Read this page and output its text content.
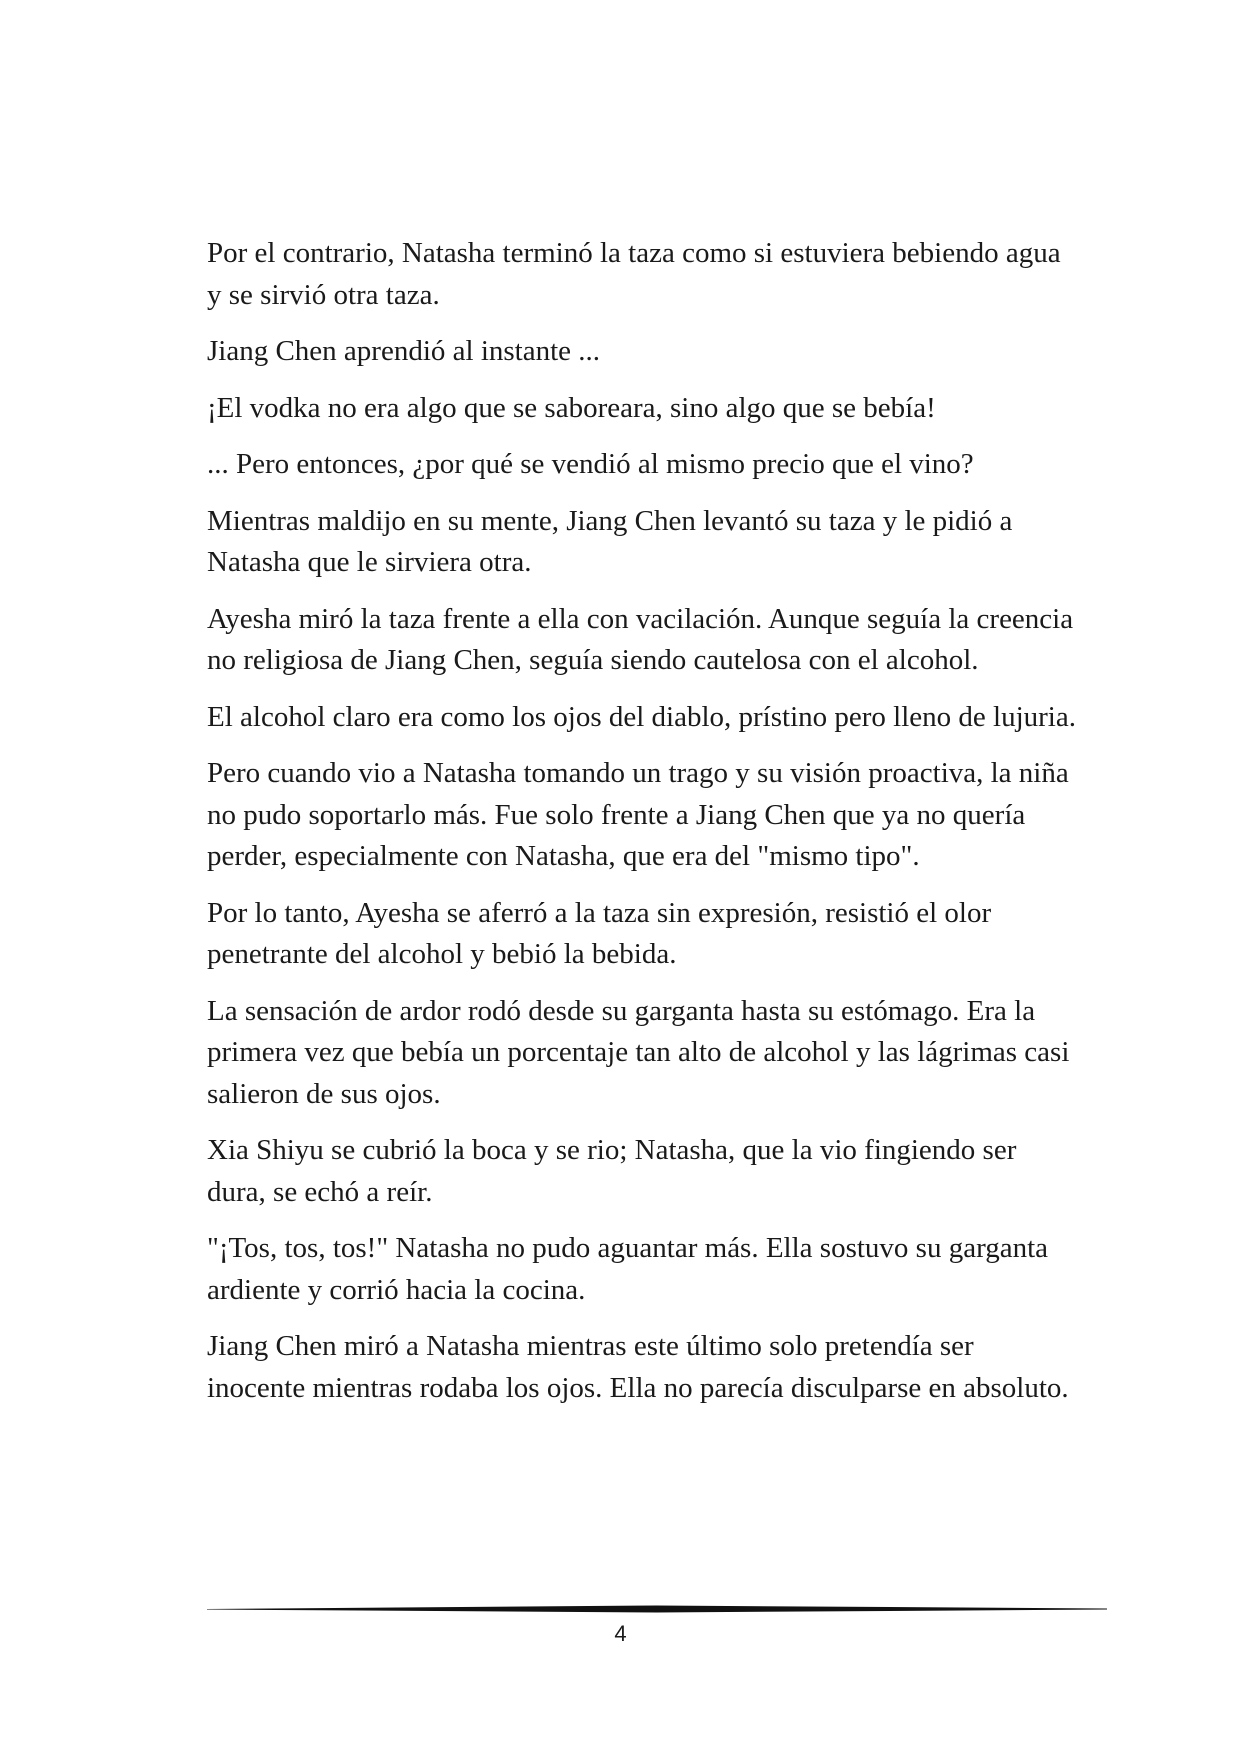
Por el contrario, Natasha terminó la taza como si estuviera bebiendo agua y se sirvió otra taza.

Jiang Chen aprendió al instante ...

¡El vodka no era algo que se saboreara, sino algo que se bebía!

... Pero entonces, ¿por qué se vendió al mismo precio que el vino?

Mientras maldijo en su mente, Jiang Chen levantó su taza y le pidió a Natasha que le sirviera otra.

Ayesha miró la taza frente a ella con vacilación. Aunque seguía la creencia no religiosa de Jiang Chen, seguía siendo cautelosa con el alcohol.

El alcohol claro era como los ojos del diablo, prístino pero lleno de lujuria.

Pero cuando vio a Natasha tomando un trago y su visión proactiva, la niña no pudo soportarlo más. Fue solo frente a Jiang Chen que ya no quería perder, especialmente con Natasha, que era del "mismo tipo".

Por lo tanto, Ayesha se aferró a la taza sin expresión, resistió el olor penetrante del alcohol y bebió la bebida.

La sensación de ardor rodó desde su garganta hasta su estómago. Era la primera vez que bebía un porcentaje tan alto de alcohol y las lágrimas casi salieron de sus ojos.

Xia Shiyu se cubrió la boca y se rio; Natasha, que la vio fingiendo ser dura, se echó a reír.

"¡Tos, tos, tos!" Natasha no pudo aguantar más. Ella sostuvo su garganta ardiente y corrió hacia la cocina.

Jiang Chen miró a Natasha mientras este último solo pretendía ser inocente mientras rodaba los ojos. Ella no parecía disculparse en absoluto.

4
